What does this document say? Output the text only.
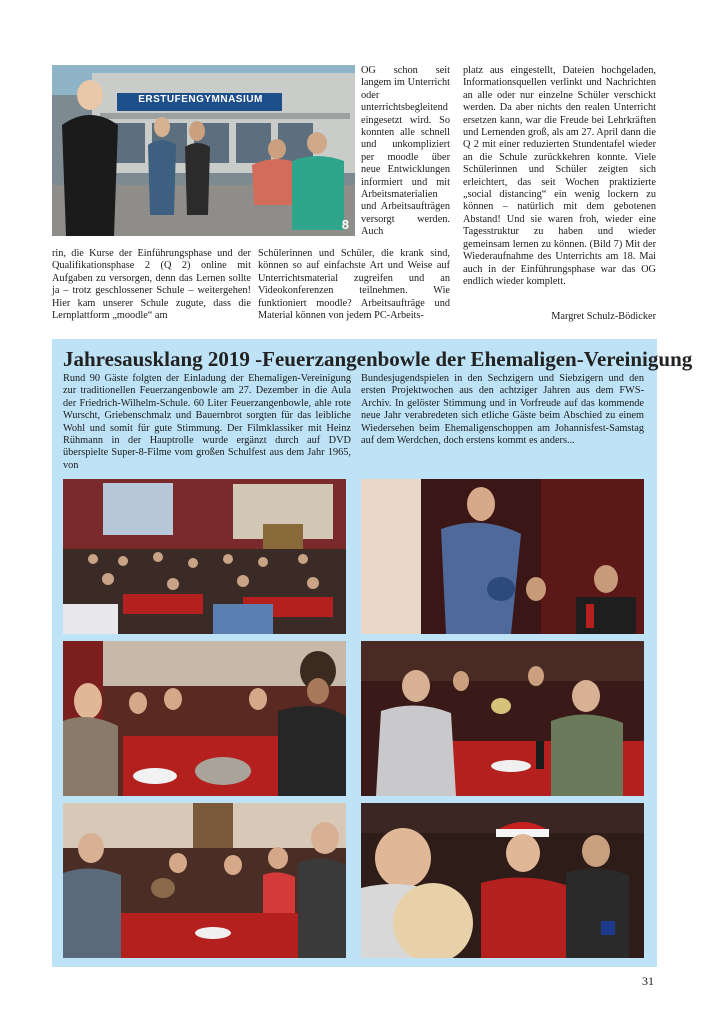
ERSTUFENGYMNASIUM
8

OG schon seit langem im Unterricht oder unterrichtsbegleitend eingesetzt wird. So konnten alle schnell und unkompliziert per moodle über neue Entwicklungen informiert und mit Arbeitsmaterialien und Arbeitsaufträgen versorgt werden. Auch

rin, die Kurse der Einführungsphase und der Qualifikationsphase 2 (Q 2) online mit Aufgaben zu versorgen, denn das Lernen sollte ja – trotz geschlossener Schule – weitergehen! Hier kam unserer Schule zugute, dass die Lernplattform „moodle“ am

Schülerinnen und Schüler, die krank sind, können so auf einfachste Art und Weise auf Unterrichtsmaterial zugreifen und an Videokonferenzen teilnehmen. Wie funktioniert moodle? Arbeitsaufträge und Material können von jedem PC-Arbeits-

platz aus eingestellt, Dateien hochgeladen, Informationsquellen verlinkt und Nachrichten an alle oder nur einzelne Schüler verschickt werden. Da aber nichts den realen Unterricht ersetzen kann, war die Freude bei Lehrkräften und Lernenden groß, als am 27. April dann die Q 2 mit einer reduzierten Stundentafel wieder an die Schule zurückkehren konnte. Viele Schülerinnen und Schüler zeigten sich erleichtert, das seit Wochen praktizierte „social distancing“ ein wenig lockern zu können – natürlich mit dem gebotenen Abstand! Und sie waren froh, wieder eine Tagesstruktur zu haben und wieder gemeinsam lernen zu können. (Bild 7) Mit der Wiederaufnahme des Unterrichts am 18. Mai auch in der Einführungsphase war das OG endlich wieder komplett.

Margret Schulz-Bödicker
Jahresausklang 2019 -Feuerzangenbowle der Ehemaligen-Vereinigung

Rund 90 Gäste folgten der Einladung der Ehemaligen-Vereinigung zur traditionellen Feuerzangenbowle am 27. Dezember in die Aula der Friedrich-Wilhelm-Schule. 60 Liter Feuerzangenbowle, ahle rote Wurscht, Griebenschmalz und Bauernbrot sorgten für das leibliche Wohl und somit für gute Stimmung. Der Filmklassiker mit Heinz Rühmann in der Hauptrolle wurde ergänzt durch auf DVD überspielte Super-8-Filme vom großen Schulfest aus dem Jahr 1965, von

Bundesjugendspielen in den Sechzigern und Siebzigern und den ersten Projektwochen aus den achtziger Jahren aus dem FWS-Archiv. In gelöster Stimmung und in Vorfreude auf das kommende neue Jahr verabredeten sich etliche Gäste beim Abschied zu einem Wiedersehen beim Ehemaligenschoppen am Johannisfest-Samstag auf dem Werdchen, doch erstens kommt es anders...

31
